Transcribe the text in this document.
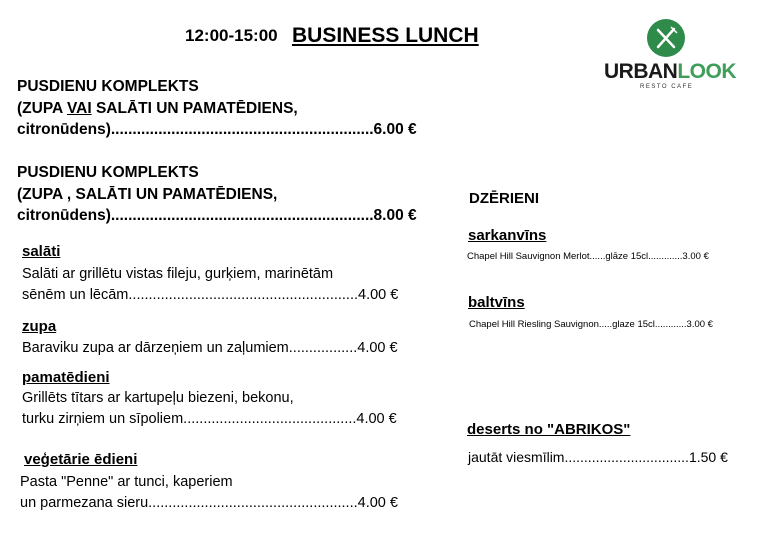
12:00-15:00 BUSINESS LUNCH
URBANLOOK
RESTO CAFE
PUSDIENU KOMPLEKTS
(ZUPA VAI SALĀTI UN PAMATĒDIENS,
citronūdens).............................................................6.00 €
PUSDIENU KOMPLEKTS
(ZUPA , SALĀTI UN PAMATĒDIENS,
citronūdens).............................................................8.00 €
salāti
Salāti ar grillētu vistas fileju, gurķiem, marinētām
sēnēm un lēcām.........................................................4.00 €
zupa
Baraviku zupa ar dārzeņiem un zaļumiem.................4.00 €
pamatēdieni
Grillēts tītars ar kartupeļu biezeni, bekonu,
turku zirņiem un sīpoliem...........................................4.00 €
veģetārie ēdieni
Pasta "Penne" ar tunci, kaperiem
un parmezana sieru....................................................4.00 €
DZĒRIENI
sarkanvīns
Chapel Hill Sauvignon Merlot......glāze 15cl.............3.00 €
baltvīns
Chapel Hill Riesling Sauvignon.....glaze 15cl............3.00 €
deserts no "ABRIKOS"
jautāt viesmīlim................................1.50 €
